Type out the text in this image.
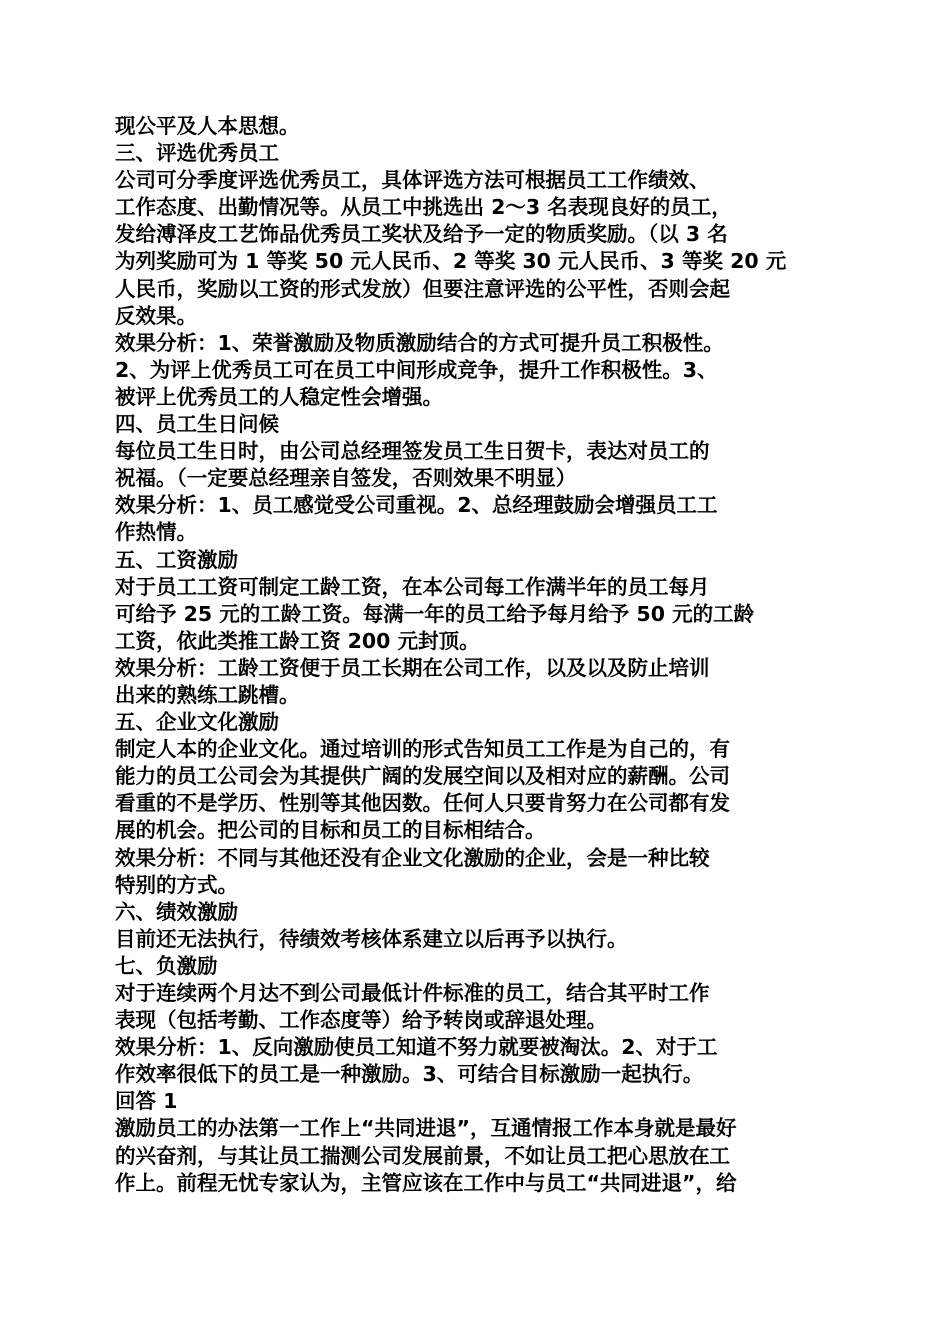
现公平及人本思想。
三、评选优秀员工
公司可分季度评选优秀员工，具体评选方法可根据员工工作绩效、
工作态度、出勤情况等。从员工中挑选出 2～3 名表现良好的员工，
发给溥泽皮工艺饰品优秀员工奖状及给予一定的物质奖励。（以 3 名
为列奖励可为 1 等奖 50 元人民币、2 等奖 30 元人民币、3 等奖 20 元
人民币，奖励以工资的形式发放）但要注意评选的公平性，否则会起
反效果。
效果分析：1、荣誉激励及物质激励结合的方式可提升员工积极性。
2、为评上优秀员工可在员工中间形成竞争，提升工作积极性。3、
被评上优秀员工的人稳定性会增强。
四、员工生日问候
每位员工生日时，由公司总经理签发员工生日贺卡，表达对员工的
祝福。（一定要总经理亲自签发，否则效果不明显）
效果分析：1、员工感觉受公司重视。2、总经理鼓励会增强员工工
作热情。
五、工资激励
对于员工工资可制定工龄工资，在本公司每工作满半年的员工每月
可给予 25 元的工龄工资。每满一年的员工给予每月给予 50 元的工龄
工资，依此类推工龄工资 200 元封顶。
效果分析：工龄工资便于员工长期在公司工作，以及以及防止培训
出来的熟练工跳槽。
五、企业文化激励
制定人本的企业文化。通过培训的形式告知员工工作是为自己的，有
能力的员工公司会为其提供广阔的发展空间以及相对应的薪酬。公司
看重的不是学历、性别等其他因数。任何人只要肯努力在公司都有发
展的机会。把公司的目标和员工的目标相结合。
效果分析：不同与其他还没有企业文化激励的企业，会是一种比较
特别的方式。
六、绩效激励
目前还无法执行，待绩效考核体系建立以后再予以执行。
七、负激励
对于连续两个月达不到公司最低计件标准的员工，结合其平时工作
表现（包括考勤、工作态度等）给予转岗或辞退处理。
效果分析：1、反向激励使员工知道不努力就要被淘汰。2、对于工
作效率很低下的员工是一种激励。3、可结合目标激励一起执行。
回答 1
激励员工的办法第一工作上“共同进退”，互通情报工作本身就是最好
的兴奋剂，与其让员工揣测公司发展前景，不如让员工把心思放在工
作上。前程无忧专家认为，主管应该在工作中与员工“共同进退”，给
